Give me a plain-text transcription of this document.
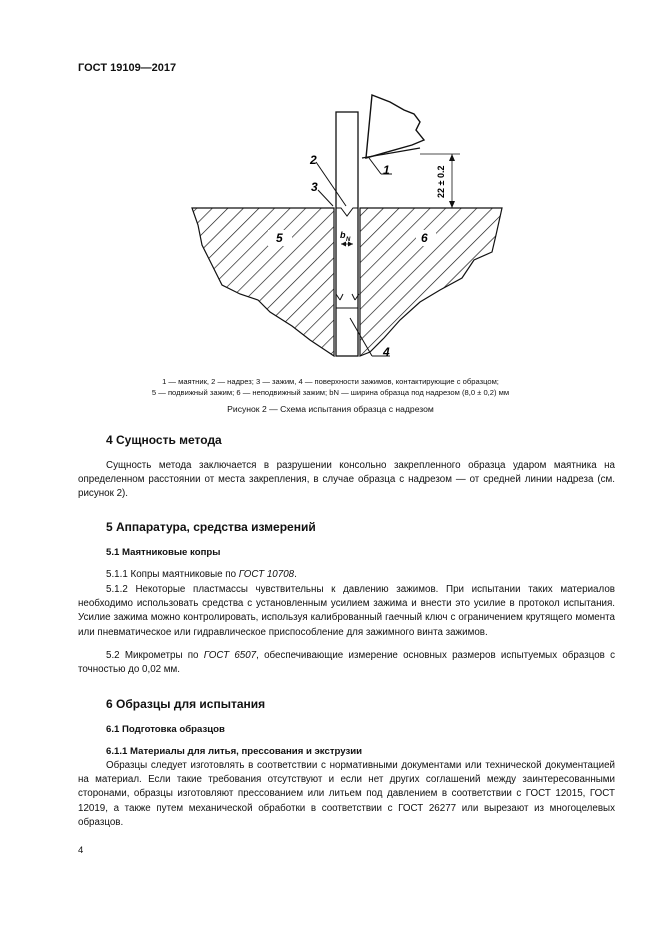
ГОСТ 19109—2017
22 ± 0.2
b N
1
2
3
4
5	6
1 — маятник, 2 — надрез; 3 — зажим, 4 — поверхности зажимов, контактирующие с образцом;
5 — подвижный зажим; 6 — неподвижный зажим; bN — ширина образца под надрезом (8,0 ± 0,2) мм
Рисунок 2 — Схема испытания образца с надрезом
4 Сущность метода
Сущность метода заключается в разрушении консольно закрепленного образца ударом маятника на определенном расстоянии от места закрепления, в случае образца с надрезом — от средней линии надреза (см. рисунок 2).
5 Аппаратура, средства измерений
5.1 Маятниковые копры
5.1.1 Копры маятниковые по ГОСТ 10708.
5.1.2 Некоторые пластмассы чувствительны к давлению зажимов. При испытании таких материалов необходимо использовать средства с установленным усилием зажима и внести это усилие в протокол испытания. Усилие зажима можно контролировать, используя калиброванный гаечный ключ с ограничением крутящего момента или пневматическое или гидравлическое приспособление для зажимного винта зажимов.
5.2 Микрометры по ГОСТ 6507, обеспечивающие измерение основных размеров испытуемых образцов с точностью до 0,02 мм.
6 Образцы для испытания
6.1 Подготовка образцов
6.1.1 Материалы для литья, прессования и экструзии
Образцы следует изготовлять в соответствии с нормативными документами или технической документацией на материал. Если такие требования отсутствуют и если нет других соглашений между заинтересованными сторонами, образцы изготовляют прессованием или литьем под давлением в соответствии с ГОСТ 12015, ГОСТ 12019, а также путем механической обработки в соответствии с ГОСТ 26277 или вырезают из многоцелевых образцов.
4
